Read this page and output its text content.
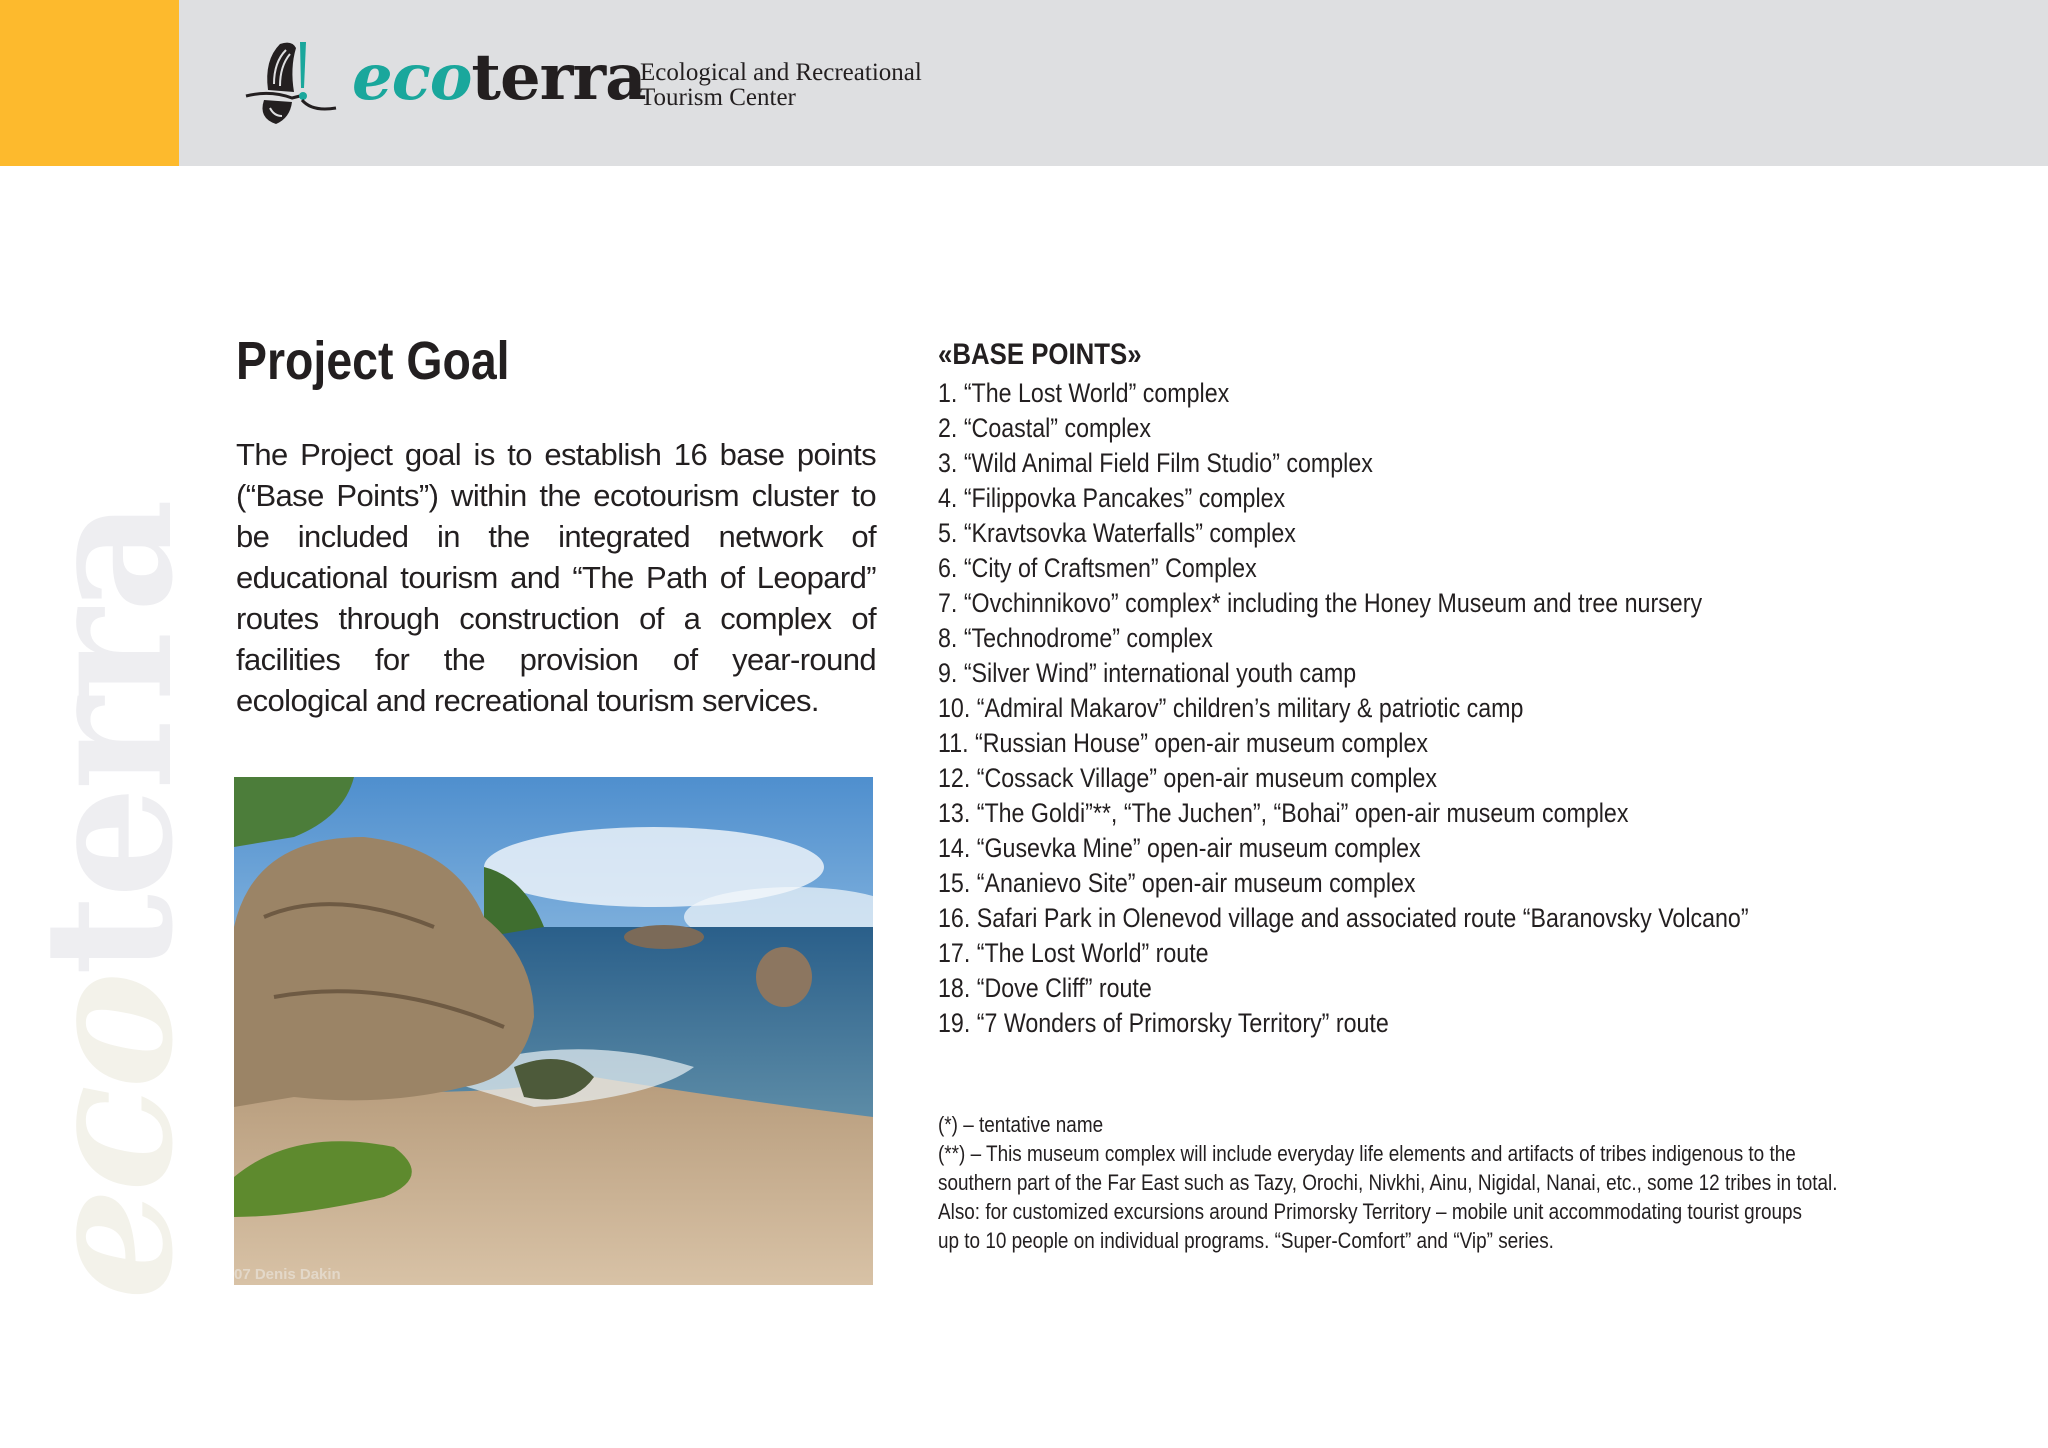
ecoterra
Ecological and Recreational
Tourism Center
ecoterra
Project Goal

The Project goal is to establish 16 base points (“Base Points”) within the ecotourism cluster to be included in the integrated network of educational tourism and “The Path of Leopard” routes through construction of a complex of facilities for the provision of year-round ecological and recreational tourism services.

07 Denis Dakin
«BASE POINTS»
1. “The Lost World” complex
2. “Coastal” complex
3. “Wild Animal Field Film Studio” complex
4. “Filippovka Pancakes” complex
5. “Kravtsovka Waterfalls” complex
6. “City of Craftsmen” Complex
7. “Ovchinnikovo” complex* including the Honey Museum and tree nursery
8. “Technodrome” complex
9. “Silver Wind” international youth camp
10. “Admiral Makarov” children’s military & patriotic camp
11. “Russian House” open-air museum complex
12. “Cossack Village” open-air museum complex
13. “The Goldi”**, “The Juchen”, “Bohai” open-air museum complex
14. “Gusevka Mine” open-air museum complex
15. “Ananievo Site” open-air museum complex
16. Safari Park in Olenevod village and associated route “Baranovsky Volcano”
17. “The Lost World” route
18. “Dove Cliff” route
19. “7 Wonders of Primorsky Territory” route

(*) – tentative name

(**) – This museum complex will include everyday life elements and artifacts of tribes indigenous to the

southern part of the Far East such as Tazy, Orochi, Nivkhi, Ainu, Nigidal, Nanai, etc., some 12 tribes in total.

Also: for customized excursions around Primorsky Territory – mobile unit accommodating tourist groups

up to 10 people on individual programs. “Super-Comfort” and “Vip” series.
